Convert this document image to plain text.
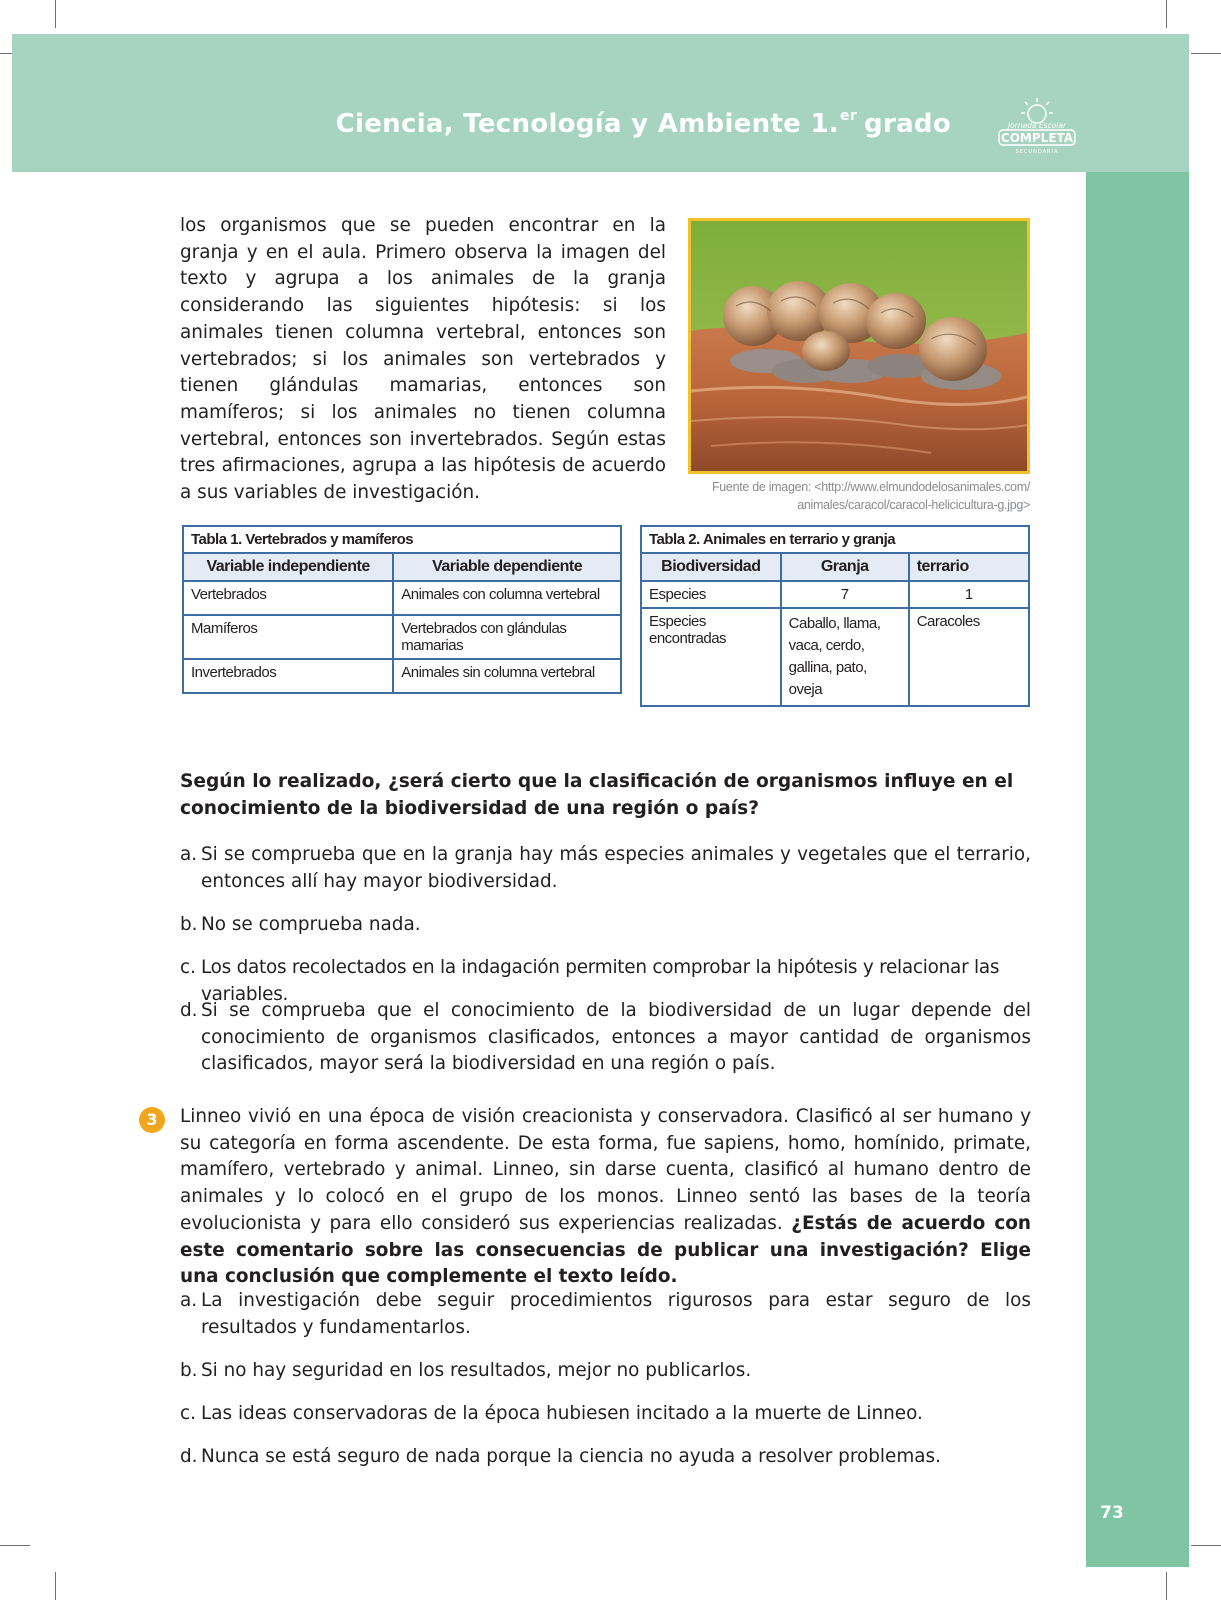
Ciencia, Tecnología y Ambiente 1.$^{er}$ grado	Jornada Escolar
COMPLETA
SECUNDARIA
73

los organismos que se pueden encontrar en la granja y en el aula. Primero observa la imagen del texto y agrupa a los animales de la granja considerando las siguientes hipótesis: si los animales tienen columna vertebral, entonces son vertebrados; si los animales son vertebrados y tienen glándulas mamarias, entonces son mamíferos; si los animales no tienen columna vertebral, entonces son invertebrados. Según estas tres afirmaciones, agrupa a las hipótesis de acuerdo a sus variables de investigación.	Fuente de imagen: <http://www.elmundodelosanimales.com/
animales/caracol/caracol-helicicultura-g.jpg>
Tabla 1. Vertebrados y mamíferos	
Variable independiente	Variable dependiente
Vertebrados	Animales con columna vertebral
Mamíferos	Vertebrados con glándulas mamarias
Invertebrados	Animales sin columna vertebral
Tabla 2. Animales en terrario y granja		
Biodiversidad	Granja	terrario
Especies	7	1
Especies encontradas	Caballo, llama, vaca, cerdo, gallina, pato, oveja	Caracoles
Según lo realizado, ¿será cierto que la clasificación de organismos influye en el conocimiento de la biodiversidad de una región o país?
a. Si se comprueba que en la granja hay más especies animales y vegetales que el terrario, entonces allí hay mayor biodiversidad.
b. No se comprueba nada.
c. Los datos recolectados en la indagación permiten comprobar la hipótesis y relacionar las variables.
d. Si se comprueba que el conocimiento de la biodiversidad de un lugar depende del conocimiento de organismos clasificados, entonces a mayor cantidad de organismos clasificados, mayor será la biodiversidad en una región o país.
3	Linneo vivió en una época de visión creacionista y conservadora. Clasificó al ser humano y su categoría en forma ascendente. De esta forma, fue sapiens, homo, homínido, primate, mamífero, vertebrado y animal. Linneo, sin darse cuenta, clasificó al humano dentro de animales y lo colocó en el grupo de los monos. Linneo sentó las bases de la teoría evolucionista y para ello consideró sus experiencias realizadas. ¿Estás de acuerdo con este comentario sobre las consecuencias de publicar una investigación? Elige una conclusión que complemente el texto leído.
a. La investigación debe seguir procedimientos rigurosos para estar seguro de los resultados y fundamentarlos.
b. Si no hay seguridad en los resultados, mejor no publicarlos.
c. Las ideas conservadoras de la época hubiesen incitado a la muerte de Linneo.
d. Nunca se está seguro de nada porque la ciencia no ayuda a resolver problemas.
